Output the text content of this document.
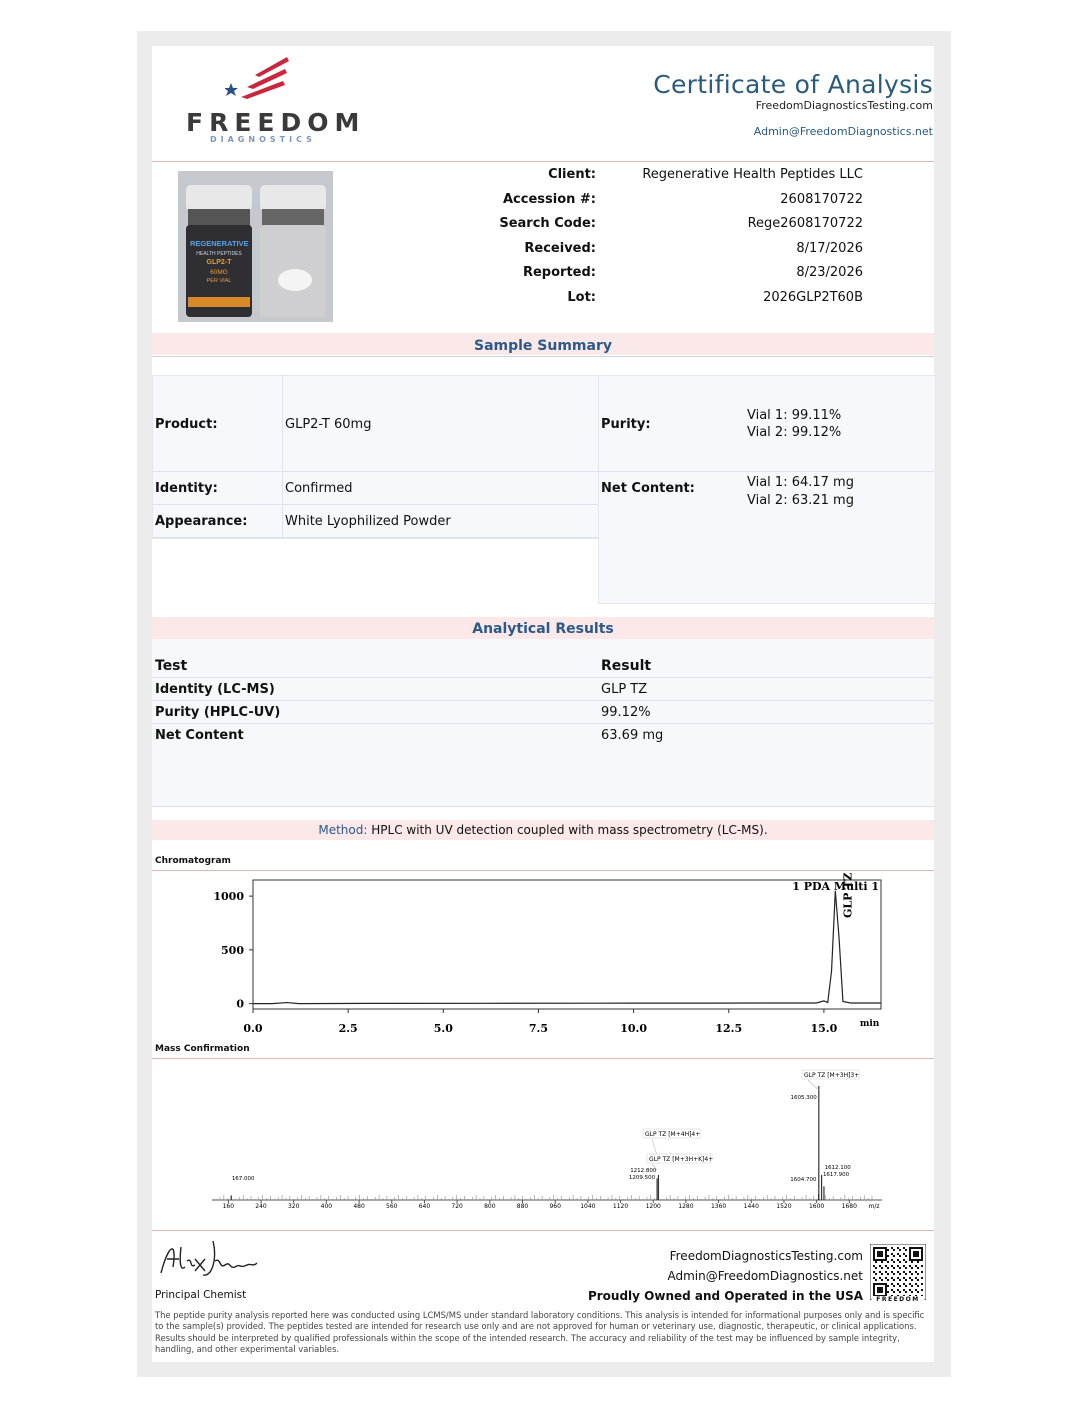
FREEDOM
DIAGNOSTICS
Certificate of Analysis
FreedomDiagnosticsTesting.com
Admin@FreedomDiagnostics.net
REGENERATIVE
HEALTH PEPTIDES
GLP2-T
60MG
PER VIAL
Client:	Regenerative Health Peptides LLC
Accession #:	2608170722
Search Code:	Rege2608170722
Received:	8/17/2026
Reported:	8/23/2026
Lot:	2026GLP2T60B
Sample Summary
Product:	GLP2-T 60mg	Purity:
Vial 1: 99.11%
Vial 2: 99.12%
Identity:	Confirmed	Net Content:	Vial 1: 64.17 mg
Vial 2: 63.21 mg
Appearance:	White Lyophilized Powder
Analytical Results
Test	Result
Identity (LC-MS)	GLP TZ
Purity (HPLC-UV)	99.12%
Net Content	63.69 mg
Method: HPLC with UV detection coupled with mass spectrometry (LC-MS).
Chromatogram
0.0	2.5	5.0	7.5	10.0	12.5	15.0	min
1000
500
0
1 PDA Multi 1
GLP TZ
Mass Confirmation
160	240	320	400	480	560	640	720	800	880	960	1040	1120	1200	1280	1360	1440	1520	1600	1680 m/z
167.000
1212.800
1209.500
1605.300
1604.700
1612.100
1617.900
GLP TZ [M+4H]4+
GLP TZ [M+3H+K]4+
GLP TZ [M+3H]3+
Principal Chemist
FreedomDiagnosticsTesting.com
Admin@FreedomDiagnostics.net
Proudly Owned and Operated in the USA	FREEDOM
The peptide purity analysis reported here was conducted using LCMS/MS under standard laboratory conditions. This analysis is intended for informational purposes only and is specific to the sample(s) provided. The peptides tested are intended for research use only and are not approved for human or veterinary use, diagnostic, therapeutic, or clinical applications. Results should be interpreted by qualified professionals within the scope of the intended research. The accuracy and reliability of the test may be influenced by sample integrity, handling, and other experimental variables.
